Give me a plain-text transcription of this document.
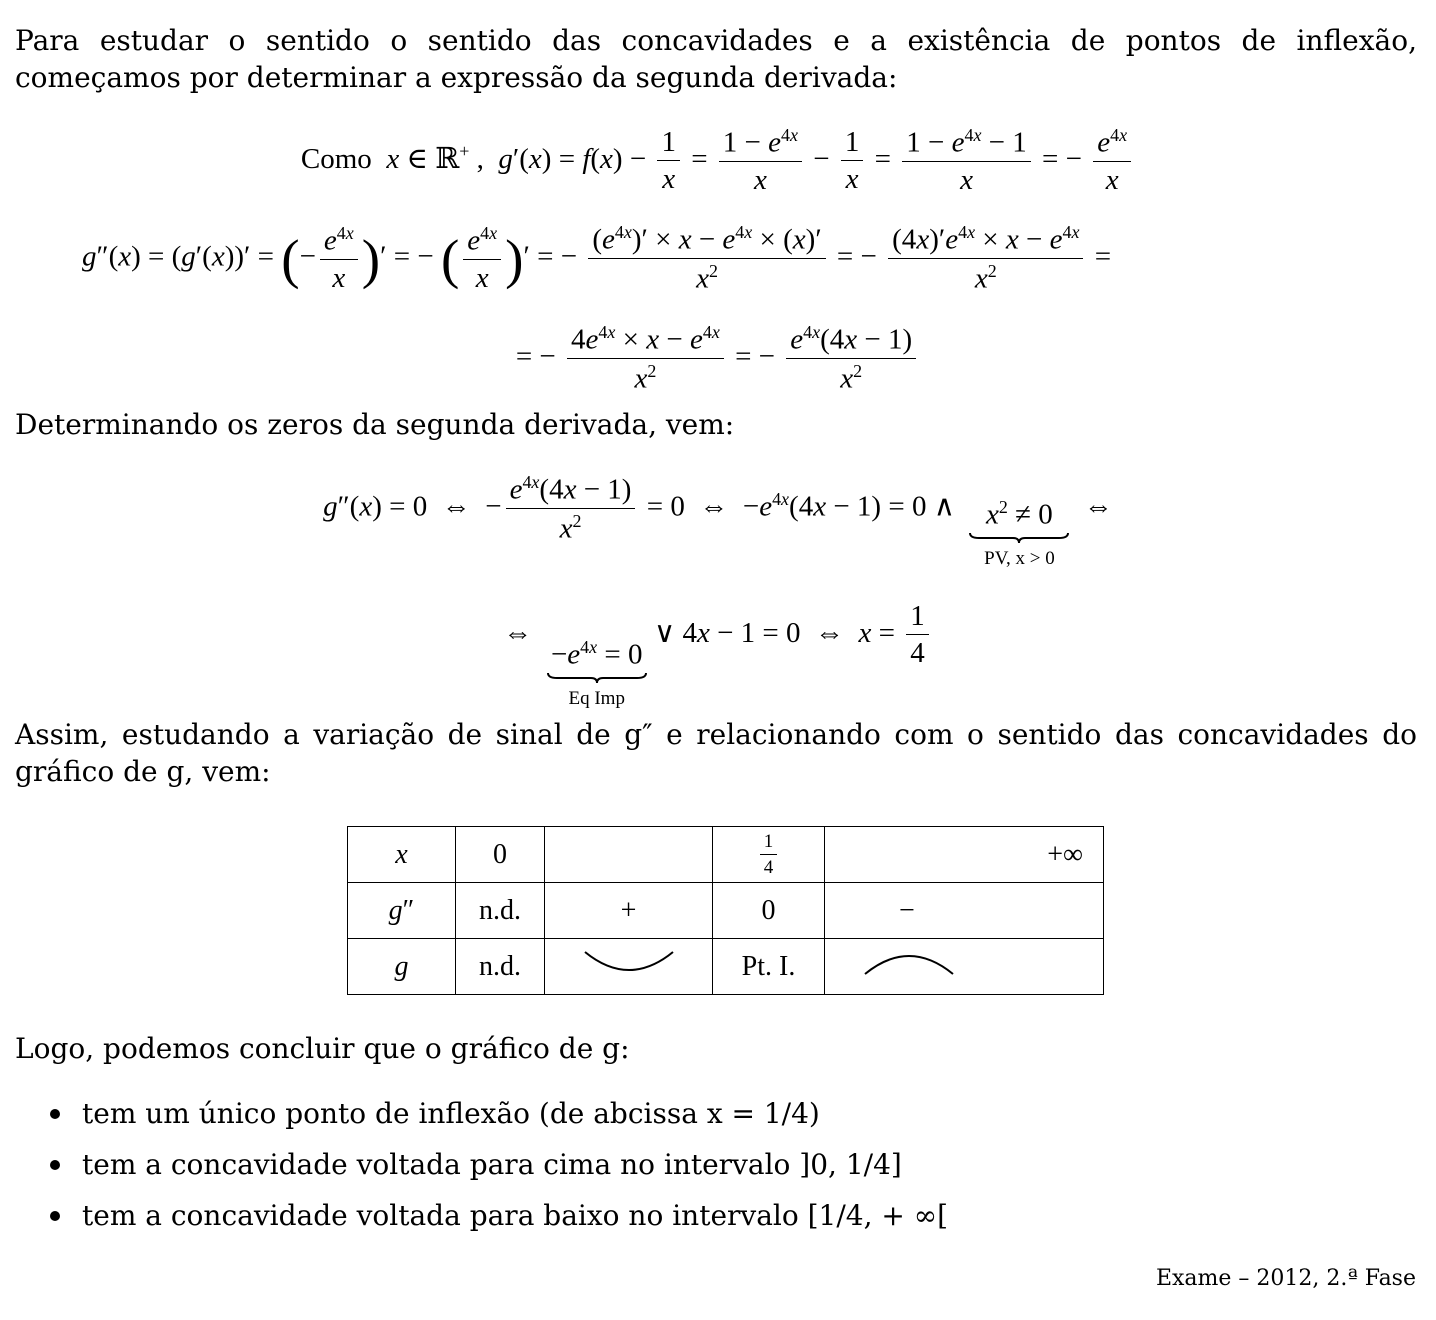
Para estudar o sentido o sentido das concavidades e a existência de pontos de inflexão, começamos por determinar a expressão da segunda derivada:
Como x ∈ ℝ+ ,  $g'(x) = f(x) - \frac{1}{x} = \frac{1 - e^{4x}}{x} - \frac{1}{x} = \frac{1 - e^{4x} - 1}{x}$ = − $\frac{e^{4x}}{x}$
g″(x) = (g′(x))′ = (− $\frac{e^{4x}}{x}$ )′ = − ( $\frac{e^{4x}}{x}$ )′ = − $\frac{(e^{4x})' \times x - e^{4x} \times (x)'}{x^2}$ = − $\frac{(4x)'e^{4x} \times x - e^{4x}}{x^2}$ =
= − $\frac{4e^{4x} \times x - e^{4x}}{x^2}$ = − $\frac{e^{4x}(4x - 1)}{x^2}$
Determinando os zeros da segunda derivada, vem:
g″(x) = 0  ⇔  − $\frac{e^{4x}(4x - 1)}{x^2} = 0$  ⇔  $-e^{4x}(4x - 1) = 0$ ∧ $x^2 \ne 0$
PV, x > 0
⇔
⇔
$-e^{4x} = 0$
Eq Imp
∨ 4x − 1 = 0  ⇔  $x = \frac{1}{4}$
Assim, estudando a variação de sinal de g″ e relacionando com o sentido das concavidades do gráfico de g, vem:
x	0		$\frac{1}{4}$	+∞
g″	n.d.	+	0	−
g	n.d.		Pt. I.	
Logo, podemos concluir que o gráfico de g:
tem um único ponto de inflexão (de abcissa x = 1/4)
tem a concavidade voltada para cima no intervalo ]0, 1/4]
tem a concavidade voltada para baixo no intervalo [1/4, + ∞[
Exame – 2012, 2.ª Fase
